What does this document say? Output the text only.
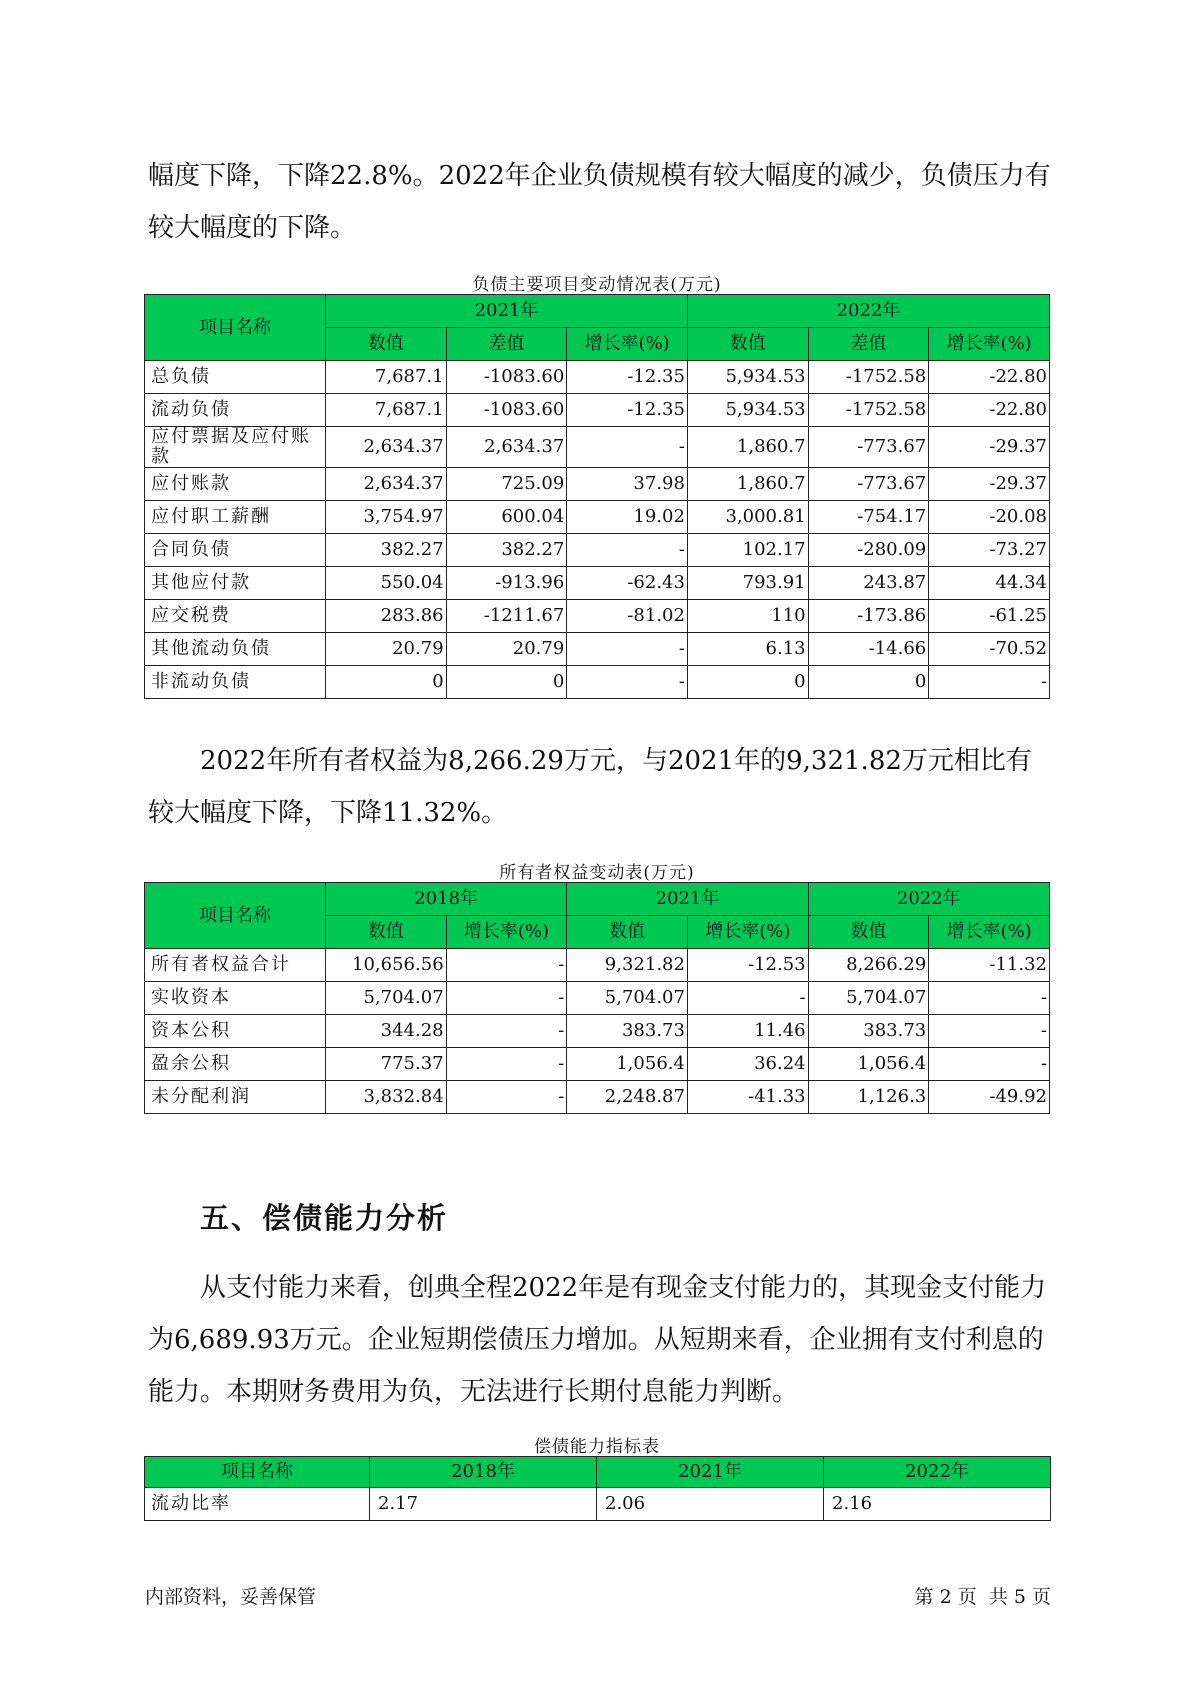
幅度下降，下降22.8%。2022年企业负债规模有较大幅度的减少，负债压力有较大幅度的下降。

负债主要项目变动情况表(万元)
项目名称	2021年			2022年		
	数值	差值	增长率(%)	数值	差值	增长率(%)
总负债	7,687.1	-1083.60	-12.35	5,934.53	-1752.58	-22.80
流动负债	7,687.1	-1083.60	-12.35	5,934.53	-1752.58	-22.80
应付票据及应付账款	2,634.37	2,634.37	-	1,860.7	-773.67	-29.37
应付账款	2,634.37	725.09	37.98	1,860.7	-773.67	-29.37
应付职工薪酬	3,754.97	600.04	19.02	3,000.81	-754.17	-20.08
合同负债	382.27	382.27	-	102.17	-280.09	-73.27
其他应付款	550.04	-913.96	-62.43	793.91	243.87	44.34
应交税费	283.86	-1211.67	-81.02	110	-173.86	-61.25
其他流动负债	20.79	20.79	-	6.13	-14.66	-70.52
非流动负债	0	0	-	0	0	-

2022年所有者权益为8,266.29万元，与2021年的9,321.82万元相比有较大幅度下降，下降11.32%。

所有者权益变动表(万元)
项目名称	2018年		2021年		2022年	
	数值	增长率(%)	数值	增长率(%)	数值	增长率(%)
所有者权益合计	10,656.56	-	9,321.82	-12.53	8,266.29	-11.32
实收资本	5,704.07	-	5,704.07	-	5,704.07	-
资本公积	344.28	-	383.73	11.46	383.73	-
盈余公积	775.37	-	1,056.4	36.24	1,056.4	-
未分配利润	3,832.84	-	2,248.87	-41.33	1,126.3	-49.92
五、偿债能力分析

从支付能力来看，创典全程2022年是有现金支付能力的，其现金支付能力为6,689.93万元。企业短期偿债压力增加。从短期来看，企业拥有支付利息的能力。本期财务费用为负，无法进行长期付息能力判断。

偿债能力指标表
项目名称	2018年	2021年	2022年
流动比率	2.17	2.06	2.16
内部资料，妥善保管	第 2 页  共 5 页
